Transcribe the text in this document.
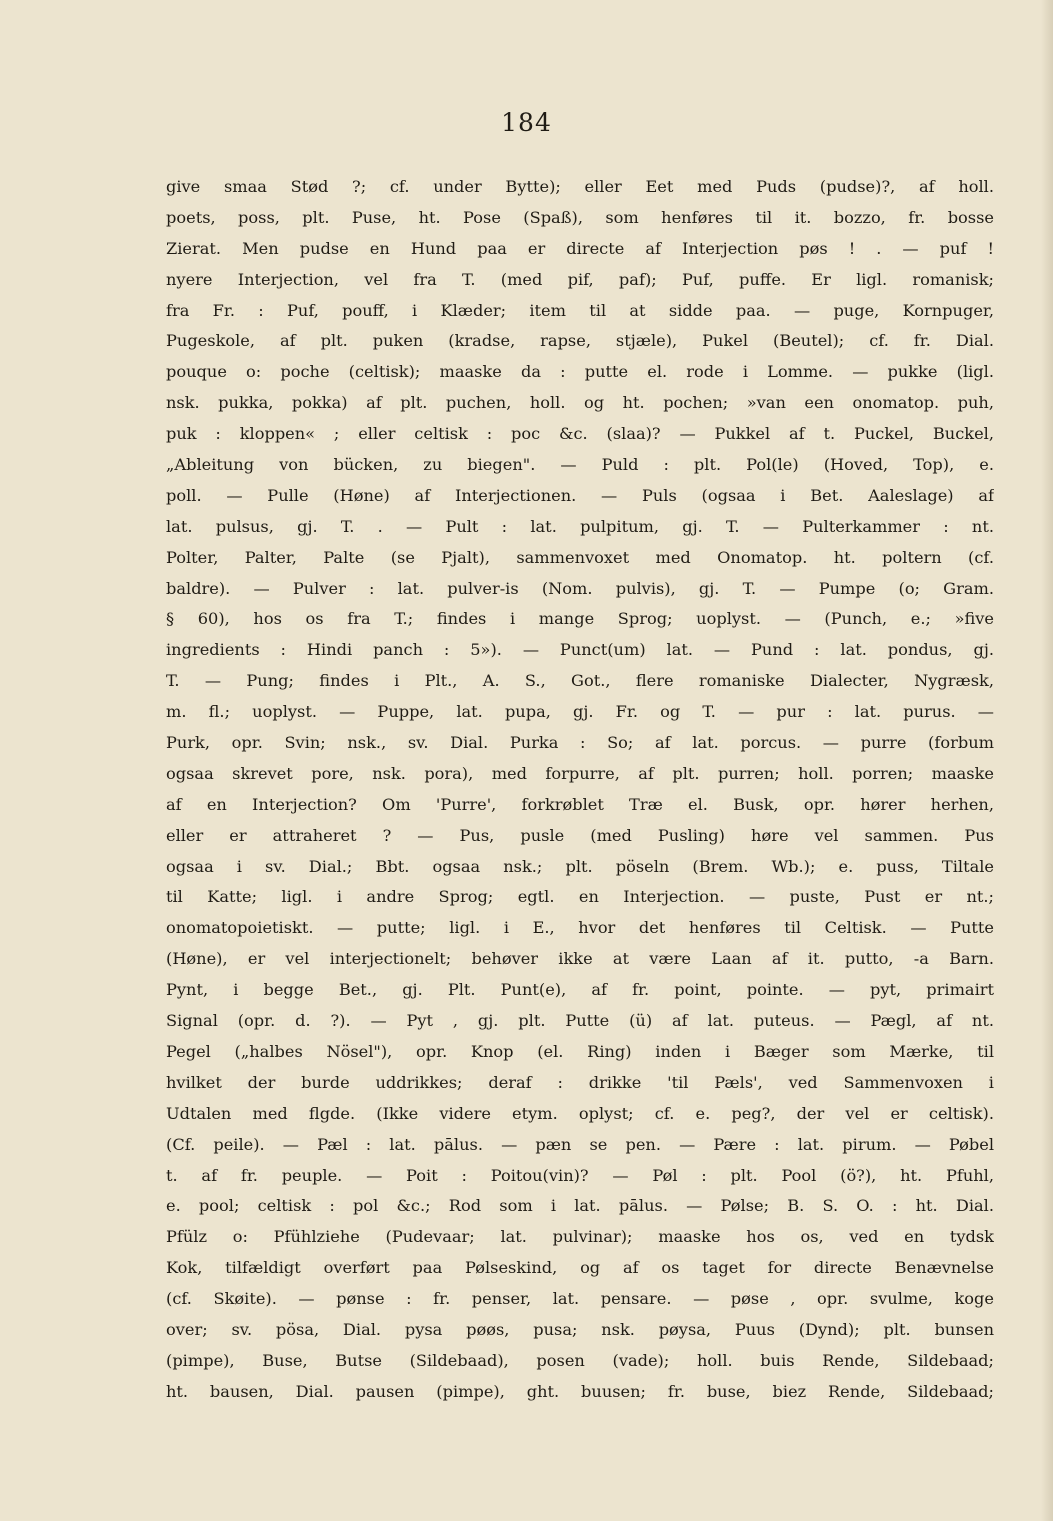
184
give smaa Stød ?; cf. under Bytte); eller Eet med Puds (pudse)?, af holl.
poets, poss, plt. Puse, ht. Pose (Spaß), som henføres til it. bozzo, fr. bosse
Zierat. Men pudse en Hund paa er directe af Interjection pøs ! . — puf !
nyere Interjection, vel fra T. (med pif, paf); Puf, puffe. Er ligl. romanisk;
fra Fr. : Puf, pouff, i Klæder; item til at sidde paa. — puge, Kornpuger,
Pugeskole, af plt. puken (kradse, rapse, stjæle), Pukel (Beutel); cf. fr. Dial.
pouque o: poche (celtisk); maaske da : putte el. rode i Lomme. — pukke (ligl.
nsk. pukka, pokka) af plt. puchen, holl. og ht. pochen; »van een onomatop. puh,
puk : kloppen« ; eller celtisk : poc &c. (slaa)? — Pukkel af t. Puckel, Buckel,
„Ableitung von bücken, zu biegen". — Puld : plt. Pol(le) (Hoved, Top), e.
poll. — Pulle (Høne) af Interjectionen. — Puls (ogsaa i Bet. Aaleslage) af
lat. pulsus, gj. T. . — Pult : lat. pulpitum, gj. T. — Pulterkammer : nt.
Polter, Palter, Palte (se Pjalt), sammenvoxet med Onomatop. ht. poltern (cf.
baldre). — Pulver : lat. pulver-is (Nom. pulvis), gj. T. — Pumpe (o; Gram.
§ 60), hos os fra T.; findes i mange Sprog; uoplyst. — (Punch, e.; »five
ingredients : Hindi panch : 5»). — Punct(um) lat. — Pund : lat. pondus, gj.
T. — Pung; findes i Plt., A. S., Got., flere romaniske Dialecter, Nygræsk,
m. fl.; uoplyst. — Puppe, lat. pupa, gj. Fr. og T. — pur : lat. purus. —
Purk, opr. Svin; nsk., sv. Dial. Purka : So; af lat. porcus. — purre (forbum
ogsaa skrevet pore, nsk. pora), med forpurre, af plt. purren; holl. porren; maaske
af en Interjection? Om 'Purre', forkrøblet Træ el. Busk, opr. hører herhen,
eller er attraheret ? — Pus, pusle (med Pusling) høre vel sammen. Pus
ogsaa i sv. Dial.; Bbt. ogsaa nsk.; plt. pöseln (Brem. Wb.); e. puss, Tiltale
til Katte; ligl. i andre Sprog; egtl. en Interjection. — puste, Pust er nt.;
onomatopoietiskt. — putte; ligl. i E., hvor det henføres til Celtisk. — Putte
(Høne), er vel interjectionelt; behøver ikke at være Laan af it. putto, -a Barn.
Pynt, i begge Bet., gj. Plt. Punt(e), af fr. point, pointe. — pyt, primairt
Signal (opr. d. ?). — Pyt , gj. plt. Putte (ü) af lat. puteus. — Pægl, af nt.
Pegel („halbes Nösel"), opr. Knop (el. Ring) inden i Bæger som Mærke, til
hvilket der burde uddrikkes; deraf : drikke 'til Pæls', ved Sammenvoxen i
Udtalen med flgde. (Ikke videre etym. oplyst; cf. e. peg?, der vel er celtisk).
(Cf. peile). — Pæl : lat. pālus. — pæn se pen. — Pære : lat. pirum. — Pøbel
t. af fr. peuple. — Poit : Poitou(vin)? — Pøl : plt. Pool (ö?), ht. Pfuhl,
e. pool; celtisk : pol &c.; Rod som i lat. pālus. — Pølse; B. S. O. : ht. Dial.
Pfülz o: Pfühlziehe (Pudevaar; lat. pulvinar); maaske hos os, ved en tydsk
Kok, tilfældigt overført paa Pølseskind, og af os taget for directe Benævnelse
(cf. Skøite). — pønse : fr. penser, lat. pensare. — pøse , opr. svulme, koge
over; sv. pösa, Dial. pysa pøøs, pusa; nsk. pøysa, Puus (Dynd); plt. bunsen
(pimpe), Buse, Butse (Sildebaad), posen (vade); holl. buis Rende, Sildebaad;
ht. bausen, Dial. pausen (pimpe), ght. buusen; fr. buse, biez Rende, Sildebaad;
